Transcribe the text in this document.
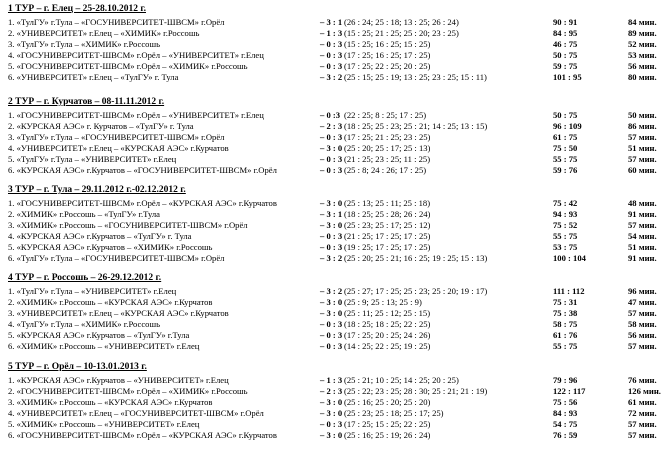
1 ТУР – г. Елец – 25-28.10.2012 г.
1. «ТулГУ» г.Тула – «ГОСУНИВЕРСИТЕТ-ШВСМ» г.Орёл	– 3 : 1 (26 : 24; 25 : 18; 13 : 25; 26 : 24)	90 : 91	84 мин.
2. «УНИВЕРСИТЕТ» г.Елец – «ХИМИК» г.Россошь	– 1 : 3 (15 : 25; 21 : 25; 25 : 20; 23 : 25)	84 : 95	89 мин.
3. «ТулГУ» г.Тула – «ХИМИК» г.Россошь	– 0 : 3 (15 : 25; 16 : 25; 15 : 25)	46 : 75	52 мин.
4. «ГОСУНИВЕРСИТЕТ-ШВСМ» г.Орёл – «УНИВЕРСИТЕТ» г.Елец	– 0 : 3 (17 : 25; 16 : 25; 17 : 25)	50 : 75	53 мин.
5. «ГОСУНИВЕРСИТЕТ-ШВСМ» г.Орёл – «ХИМИК» г.Россошь	– 0 : 3 (17 : 25; 22 : 25; 20 : 25)	59 : 75	56 мин.
6. «УНИВЕРСИТЕТ» г.Елец – «ТулГУ» г. Тула	– 3 : 2 (25 : 15; 25 : 19; 13 : 25; 23 : 25; 15 : 11)	101 : 95	80 мин.
2 ТУР – г. Курчатов – 08-11.11.2012 г.
1. «ГОСУНИВЕРСИТЕТ-ШВСМ» г.Орёл – «УНИВЕРСИТЕТ» г.Елец	– 0 :3 (22 : 25; 8 : 25; 17 : 25)	50 : 75	50 мин.
2. «КУРСКАЯ АЭС» г. Курчатов – «ТулГУ» г. Тула	– 2 : 3 (18 : 25; 25 : 23; 25 : 21; 14 : 25; 13 : 15)	96 : 109	86 мин.
3. «ТулГУ» г.Тула – «ГОСУНИВЕРСИТЕТ-ШВСМ» г.Орёл	– 0 : 3 (17 : 25; 21 : 25; 23 : 25)	61 : 75	57 мин.
4. «УНИВЕРСИТЕТ» г.Елец – «КУРСКАЯ АЭС» г.Курчатов	– 3 : 0 (25 : 20; 25 : 17; 25 : 13)	75 : 50	51 мин.
5. «ТулГУ» г.Тула – «УНИВЕРСИТЕТ» г.Елец	– 0 : 3 (21 : 25; 23 : 25; 11 : 25)	55 : 75	57 мин.
6. «КУРСКАЯ АЭС» г.Курчатов – «ГОСУНИВЕРСИТЕТ-ШВСМ» г.Орёл	– 0 : 3 (25 : 8; 24 : 26; 17 : 25)	59 : 76	60 мин.
3 ТУР – г. Тула – 29.11.2012 г.-02.12.2012 г.
1. «ГОСУНИВЕРСИТЕТ-ШВСМ» г.Орёл – «КУРСКАЯ АЭС» г.Курчатов	– 3 : 0 (25 : 13; 25 : 11; 25 : 18)	75 : 42	48 мин.
2. «ХИМИК» г.Россошь – «ТулГУ» г.Тула	– 3 : 1 (18 : 25; 25 : 28; 26 : 24)	94 : 93	91 мин.
3. «ХИМИК» г.Россошь – «ГОСУНИВЕРСИТЕТ-ШВСМ» г.Орёл	– 3 : 0 (25 : 23; 25 : 17; 25 : 12)	75 : 52	57 мин.
4. «КУРСКАЯ АЭС» г.Курчатов – «ТулГУ» г. Тула	– 0 : 3 (21 : 25; 17 : 25; 17 : 25)	55 : 75	54 мин.
5. «КУРСКАЯ АЭС» г.Курчатов – «ХИМИК» г.Россошь	– 0 : 3 (19 : 25; 17 : 25; 17 : 25)	53 : 75	51 мин.
6. «ТулГУ» г.Тула – «ГОСУНИВЕРСИТЕТ-ШВСМ» г.Орёл	– 3 : 2 (25 : 20; 25 : 21; 16 : 25; 19 : 25; 15 : 13)	100 : 104	91 мин.
4 ТУР – г. Россошь – 26-29.12.2012 г.
1. «ТулГУ» г.Тула – «УНИВЕРСИТЕТ» г.Елец	– 3 : 2 (25 : 27; 17 : 25; 25 : 23; 25 : 20; 19 : 17)	111 : 112	96 мин.
2. «ХИМИК» г.Россошь – «КУРСКАЯ АЭС» г.Курчатов	– 3 : 0 (25 : 9; 25 : 13; 25 : 9)	75 : 31	47 мин.
3. «УНИВЕРСИТЕТ» г.Елец – «КУРСКАЯ АЭС» г.Курчатов	– 3 : 0 (25 : 11; 25 : 12; 25 : 15)	75 : 38	57 мин.
4. «ТулГУ» г.Тула – «ХИМИК» г.Россошь	– 0 : 3 (18 : 25; 18 : 25; 22 : 25)	58 : 75	58 мин.
5. «КУРСКАЯ АЭС» г.Курчатов – «ТулГУ» г.Тула	– 0 : 3 (17 : 25; 20 : 25; 24 : 26)	61 : 76	56 мин.
6. «ХИМИК» г.Россошь – «УНИВЕРСИТЕТ» г.Елец	– 0 : 3 (14 : 25; 22 : 25; 19 : 25)	55 : 75	57 мин.
5 ТУР – г. Орёл – 10-13.01.2013 г.
1. «КУРСКАЯ АЭС» г.Курчатов – «УНИВЕРСИТЕТ» г.Елец	– 1 : 3 (25 : 21; 10 : 25; 14 : 25; 20 : 25)	79 : 96	76 мин.
2. «ГОСУНИВЕРСИТЕТ-ШВСМ» г.Орёл – «ХИМИК» г.Россошь	– 2 : 3 (25 : 22; 23 : 25; 28 : 30; 25 : 21; 21 : 19)	122 : 117	126 мин.
3. «ХИМИК» г.Россошь – «КУРСКАЯ АЭС» г.Курчатов	– 3 : 0 (25 : 16; 25 : 20; 25 : 20)	75 : 56	61 мин.
4. «УНИВЕРСИТЕТ» г.Елец – «ГОСУНИВЕРСИТЕТ-ШВСМ» г.Орёл	– 3 : 0 (25 : 23; 25 : 18; 25 : 17; 25)	84 : 93	72 мин.
5. «ХИМИК» г.Россошь – «УНИВЕРСИТЕТ» г.Елец	– 0 : 3 (17 : 25; 15 : 25; 22 : 25)	54 : 75	57 мин.
6. «ГОСУНИВЕРСИТЕТ-ШВСМ» г.Орёл – «КУРСКАЯ АЭС» г.Курчатов	– 3 : 0 (25 : 16; 25 : 19; 26 : 24)	76 : 59	57 мин.
